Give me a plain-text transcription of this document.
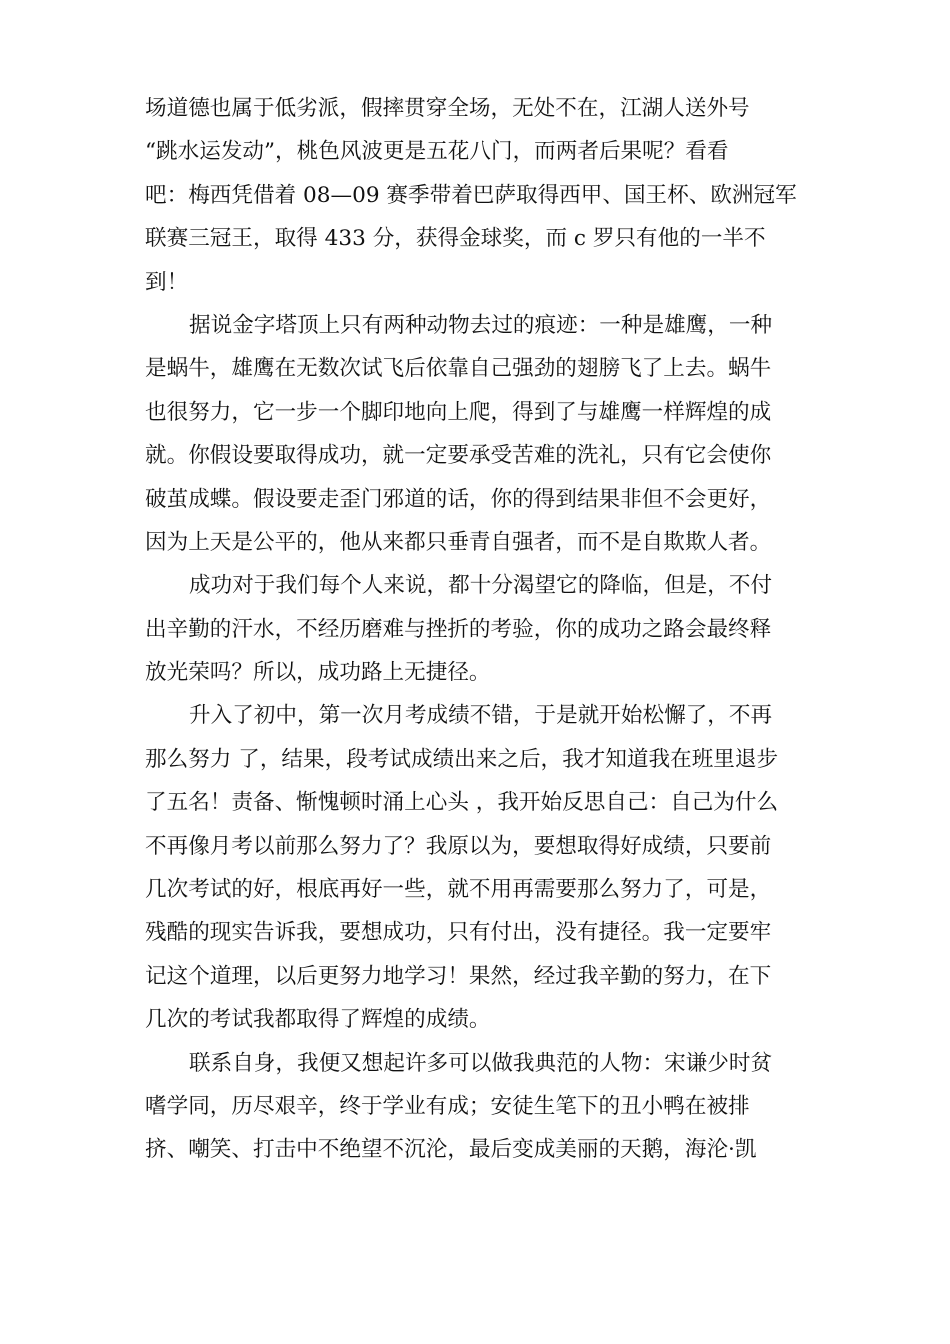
场道德也属于低劣派，假摔贯穿全场，无处不在，江湖人送外号
“跳水运发动”，桃色风波更是五花八门，而两者后果呢？看看
吧：梅西凭借着 08—09 赛季带着巴萨取得西甲、国王杯、欧洲冠军
联赛三冠王，取得 433 分，获得金球奖，而 c 罗只有他的一半不
到！
据说金字塔顶上只有两种动物去过的痕迹：一种是雄鹰，一种
是蜗牛，雄鹰在无数次试飞后依靠自己强劲的翅膀飞了上去。蜗牛
也很努力，它一步一个脚印地向上爬，得到了与雄鹰一样辉煌的成
就。你假设要取得成功，就一定要承受苦难的洗礼，只有它会使你
破茧成蝶。假设要走歪门邪道的话，你的得到结果非但不会更好，
因为上天是公平的，他从来都只垂青自强者，而不是自欺欺人者。
成功对于我们每个人来说，都十分渴望它的降临，但是，不付
出辛勤的汗水，不经历磨难与挫折的考验，你的成功之路会最终释
放光荣吗？所以，成功路上无捷径。
升入了初中，第一次月考成绩不错，于是就开始松懈了，不再
那么努力 了，结果，段考试成绩出来之后，我才知道我在班里退步
了五名！责备、惭愧顿时涌上心头 ，我开始反思自己：自己为什么
不再像月考以前那么努力了？我原以为，要想取得好成绩，只要前
几次考试的好，根底再好一些，就不用再需要那么努力了，可是，
残酷的现实告诉我，要想成功，只有付出，没有捷径。我一定要牢
记这个道理，以后更努力地学习！果然，经过我辛勤的努力，在下
几次的考试我都取得了辉煌的成绩。
联系自身，我便又想起许多可以做我典范的人物：宋谦少时贫
嗜学同，历尽艰辛，终于学业有成；安徒生笔下的丑小鸭在被排
挤、嘲笑、打击中不绝望不沉沦，最后变成美丽的天鹅，海沦·凯
